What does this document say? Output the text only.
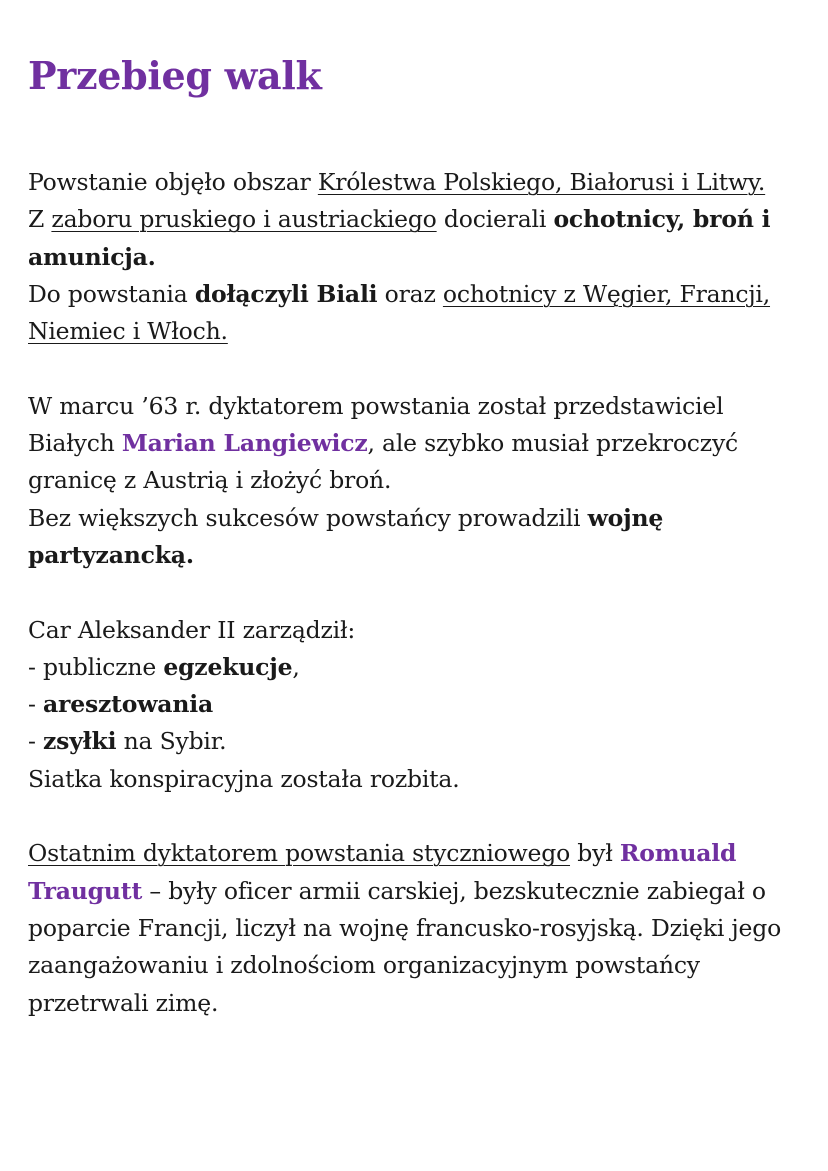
Przebieg walk

Powstanie objęło obszar Królestwa Polskiego, Białorusi i Litwy.
Z zaboru pruskiego i austriackiego docierali ochotnicy, broń i amunicja.
Do powstania dołączyli Biali oraz ochotnicy z Węgier, Francji, Niemiec i Włoch.

W marcu ’63 r. dyktatorem powstania został przedstawiciel Białych Marian Langiewicz, ale szybko musiał przekroczyć granicę z Austrią i złożyć broń.
Bez większych sukcesów powstańcy prowadzili wojnę partyzancką.

Car Aleksander II zarządził:
- publiczne egzekucje,
- aresztowania
- zsyłki na Sybir.
Siatka konspiracyjna została rozbita.

Ostatnim dyktatorem powstania styczniowego był Romuald Traugutt – były oficer armii carskiej, bezskutecznie zabiegał o poparcie Francji, liczył na wojnę francusko-rosyjską. Dzięki jego zaangażowaniu i zdolnościom organizacyjnym powstańcy przetrwali zimę.
